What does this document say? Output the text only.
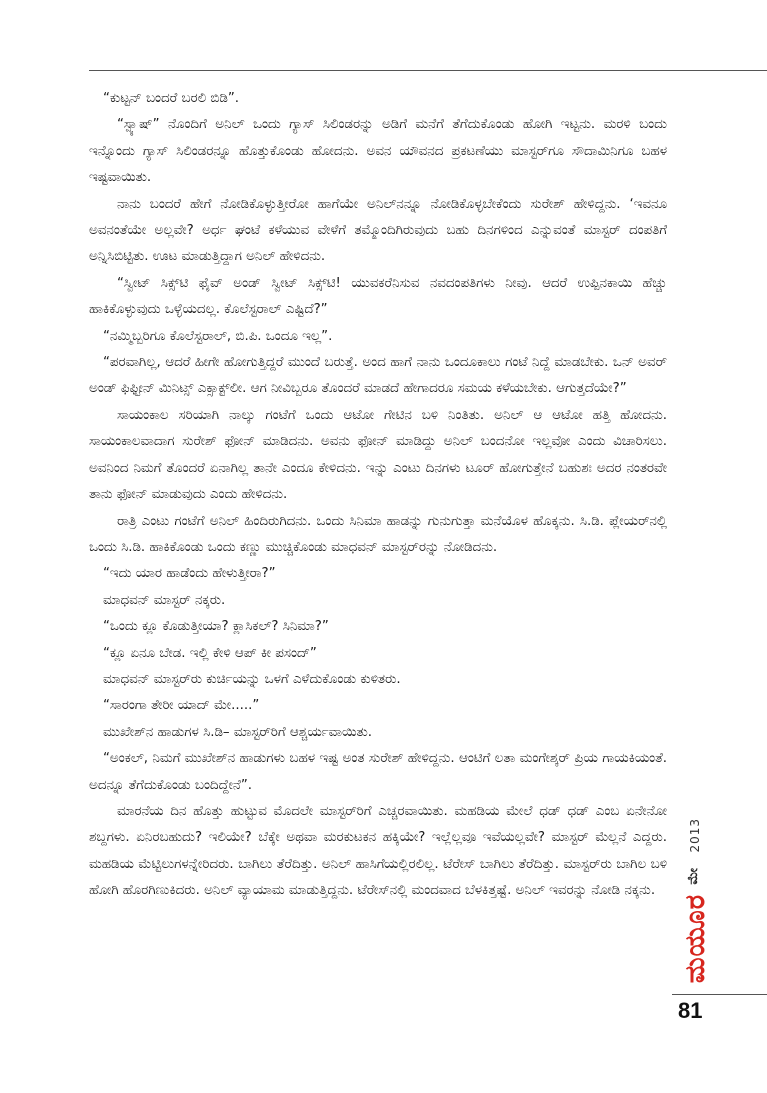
“ಕುಟ್ಟನ್ ಬಂದರೆ ಬರಲಿ ಬಿಡಿ”.

“ಸ್ಪ್ಯಾಷ್” ನೊಂದಿಗೆ ಅನಿಲ್ ಒಂದು ಗ್ಯಾಸ್ ಸಿಲಿಂಡರನ್ನು ಅಡಿಗೆ ಮನೆಗೆ ತೆಗೆದುಕೊಂಡು ಹೋಗಿ ಇಟ್ಟನು. ಮರಳಿ ಬಂದು ಇನ್ನೊಂದು ಗ್ಯಾಸ್ ಸಿಲಿಂಡರನ್ನೂ ಹೊತ್ತುಕೊಂಡು ಹೋದನು. ಅವನ ಯೌವನದ ಪ್ರಕಟಣೆಯು ಮಾಸ್ಟರ್‌ಗೂ ಸೌದಾಮಿನಿಗೂ ಬಹಳ ಇಷ್ಟವಾಯಿತು.

ನಾನು ಬಂದರೆ ಹೇಗೆ ನೋಡಿಕೊಳ್ಳುತ್ತೀರೋ ಹಾಗೆಯೇ ಅನಿಲ್‌ನನ್ನೂ ನೋಡಿಕೊಳ್ಳಬೇಕೆಂದು ಸುರೇಶ್ ಹೇಳಿದ್ದನು. ‘ಇವನೂ ಅವನಂತೆಯೇ ಅಲ್ಲವೇ? ಅರ್ಧ ಘಂಟೆ ಕಳೆಯುವ ವೇಳೆಗೆ ತಮ್ಮೊಂದಿಗಿರುವುದು ಬಹು ದಿನಗಳಿಂದ ಎನ್ನುವಂತೆ ಮಾಸ್ಟರ್ ದಂಪತಿಗೆ ಅನ್ನಿಸಿಬಿಟ್ಟಿತು. ಊಟ ಮಾಡುತ್ತಿದ್ದಾಗ ಅನಿಲ್ ಹೇಳಿದನು.

“ಸ್ವೀಟ್ ಸಿಕ್ಸ್‌ಟಿ ಫೈವ್ ಅಂಡ್ ಸ್ವೀಟ್ ಸಿಕ್ಸ್‌ಟಿ! ಯುವಕರೆನಿಸುವ ನವದಂಪತಿಗಳು ನೀವು. ಆದರೆ ಉಪ್ಪಿನಕಾಯಿ ಹೆಚ್ಚು ಹಾಕಿಕೊಳ್ಳುವುದು ಒಳ್ಳೆಯದಲ್ಲ. ಕೊಲೆಸ್ಟರಾಲ್ ಎಷ್ಟಿದೆ?”

“ನಮ್ಮಿಬ್ಬರಿಗೂ ಕೊಲೆಸ್ಟರಾಲ್, ಬಿ.ಪಿ. ಒಂದೂ ಇಲ್ಲ”.

“ಪರವಾಗಿಲ್ಲ, ಆದರೆ ಹೀಗೇ ಹೋಗುತ್ತಿದ್ದರೆ ಮುಂದೆ ಬರುತ್ತೆ. ಅಂದ ಹಾಗೆ ನಾನು ಒಂದೂಕಾಲು ಗಂಟೆ ನಿದ್ದೆ ಮಾಡಬೇಕು. ಒನ್ ಅವರ್ ಅಂಡ್ ಫಿಫ್ಟೀನ್ ಮಿನಿಟ್ಸ್ ಎಕ್ಸಾಕ್ಟ್‌ಲೀ. ಆಗ ನೀವಿಬ್ಬರೂ ತೊಂದರೆ ಮಾಡದೆ ಹೇಗಾದರೂ ಸಮಯ ಕಳೆಯಬೇಕು. ಆಗುತ್ತದೆಯೇ?”

ಸಾಯಂಕಾಲ ಸರಿಯಾಗಿ ನಾಲ್ಕು ಗಂಟೆಗೆ ಒಂದು ಆಟೋ ಗೇಟಿನ ಬಳಿ ನಿಂತಿತು. ಅನಿಲ್ ಆ ಆಟೋ ಹತ್ತಿ ಹೋದನು. ಸಾಯಂಕಾಲವಾದಾಗ ಸುರೇಶ್ ಫೋನ್ ಮಾಡಿದನು. ಅವನು ಫೋನ್ ಮಾಡಿದ್ದು ಅನಿಲ್ ಬಂದನೋ ಇಲ್ಲವೋ ಎಂದು ವಿಚಾರಿಸಲು. ಅವನಿಂದ ನಿಮಗೆ ತೊಂದರೆ ಏನಾಗಿಲ್ಲ ತಾನೇ ಎಂದೂ ಕೇಳಿದನು. ಇನ್ನು ಎಂಟು ದಿನಗಳು ಟೂರ್ ಹೋಗುತ್ತೇನೆ ಬಹುಶಃ ಅದರ ನಂತರವೇ ತಾನು ಫೋನ್ ಮಾಡುವುದು ಎಂದು ಹೇಳಿದನು.

ರಾತ್ರಿ ಎಂಟು ಗಂಟೆಗೆ ಅನಿಲ್ ಹಿಂದಿರುಗಿದನು. ಒಂದು ಸಿನಿಮಾ ಹಾಡನ್ನು ಗುನುಗುತ್ತಾ ಮನೆಯೊಳ ಹೊಕ್ಕನು. ಸಿ.ಡಿ. ಪ್ಲೇಯರ್‌ನಲ್ಲಿ ಒಂದು ಸಿ.ಡಿ. ಹಾಕಿಕೊಂಡು ಒಂದು ಕಣ್ಣು ಮುಚ್ಚಿಕೊಂಡು ಮಾಧವನ್ ಮಾಸ್ಟರ್‌ರನ್ನು ನೋಡಿದನು.

“ಇದು ಯಾರ ಹಾಡೆಂದು ಹೇಳುತ್ತೀರಾ?”

ಮಾಧವನ್ ಮಾಸ್ಟರ್ ನಕ್ಕರು.

“ಒಂದು ಕ್ಲೂ ಕೊಡುತ್ತೀಯಾ? ಕ್ಲಾಸಿಕಲ್? ಸಿನಿಮಾ?”

“ಕ್ಲೂ ಏನೂ ಬೇಡ. ಇಲ್ಲಿ ಕೇಳಿ ಆಪ್ ಕೀ ಪಸಂದ್”

ಮಾಧವನ್ ಮಾಸ್ಟರ್‌ರು ಕುರ್ಚಿಯನ್ನು ಒಳಗೆ ಎಳೆದುಕೊಂಡು ಕುಳಿತರು.

“ಸಾರಂಗಾ ತೇರೀ ಯಾದ್ ಮೇ.....”

ಮುಖೇಶ್‌ನ ಹಾಡುಗಳ ಸಿ.ಡಿ– ಮಾಸ್ಟರ್‌ರಿಗೆ ಆಶ್ಚರ್ಯವಾಯಿತು.

“ಅಂಕಲ್, ನಿಮಗೆ ಮುಖೇಶ್‌ನ ಹಾಡುಗಳು ಬಹಳ ಇಷ್ಟ ಅಂತ ಸುರೇಶ್ ಹೇಳಿದ್ದನು. ಆಂಟಿಗೆ ಲತಾ ಮಂಗೇಶ್ಕರ್ ಪ್ರಿಯ ಗಾಯಕಿಯಂತೆ. ಅದನ್ನೂ ತೆಗೆದುಕೊಂಡು ಬಂದಿದ್ದೇನೆ”.

ಮಾರನೆಯ ದಿನ ಹೊತ್ತು ಹುಟ್ಟುವ ಮೊದಲೇ ಮಾಸ್ಟರ್‌ರಿಗೆ ಎಚ್ಚರವಾಯಿತು. ಮಹಡಿಯ ಮೇಲೆ ಧಡ್ ಧಡ್ ಎಂಬ ಏನೇನೋ ಶಬ್ದಗಳು. ಏನಿರಬಹುದು? ಇಲಿಯೇ? ಬೆಕ್ಕೇ ಅಥವಾ ಮರಕುಟಕನ ಹಕ್ಕಿಯೇ? ಇಲ್ಲೆಲ್ಲವೂ ಇವೆಯಲ್ಲವೇ? ಮಾಸ್ಟರ್ ಮೆಲ್ಲನೆ ಎದ್ದರು. ಮಹಡಿಯ ಮೆಟ್ಟಿಲುಗಳನ್ನೇರಿದರು. ಬಾಗಿಲು ತೆರೆದಿತ್ತು. ಅನಿಲ್ ಹಾಸಿಗೆಯಲ್ಲಿರಲಿಲ್ಲ. ಟೆರೇಸ್ ಬಾಗಿಲು ತೆರೆದಿತ್ತು. ಮಾಸ್ಟರ್‌ರು ಬಾಗಿಲ ಬಳಿ ಹೋಗಿ ಹೊರಗಿಣುಕಿದರು. ಅನಿಲ್ ವ್ಯಾಯಾಮ ಮಾಡುತ್ತಿದ್ದನು. ಟೆರೇಸ್‌ನಲ್ಲಿ ಮಂದವಾದ ಬೆಳಕಿತ್ತಷ್ಟೆ. ಅನಿಲ್ ಇವರನ್ನು ನೋಡಿ ನಕ್ಕನು.

2013
ಮೇ
ಮಯೂರ
81
